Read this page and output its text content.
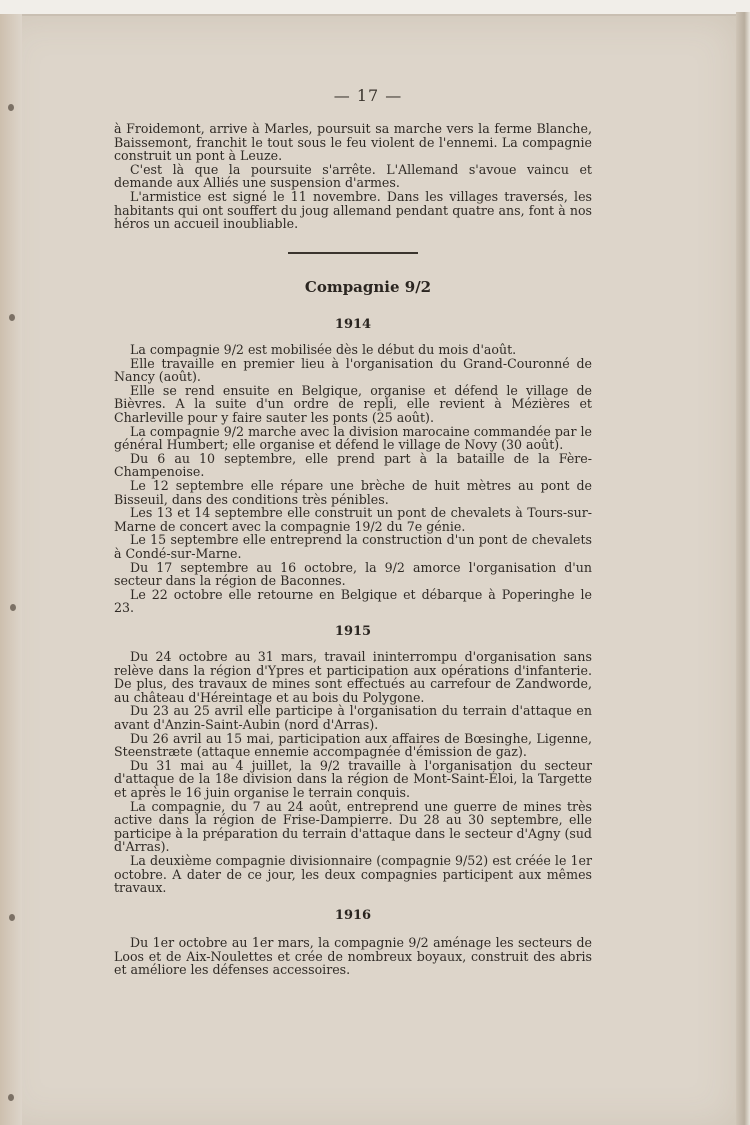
— 17 —

à Froidemont, arrive à Marles, poursuit sa marche vers la ferme Blanche, Baissemont, franchit le tout sous le feu violent de l'ennemi. La compagnie construit un pont à Leuze.

C'est là que la poursuite s'arrête. L'Allemand s'avoue vaincu et demande aux Alliés une suspension d'armes.

L'armistice est signé le 11 novembre. Dans les villages traversés, les habitants qui ont souffert du joug allemand pendant quatre ans, font à nos héros un accueil inoubliable.

Compagnie 9/2
1914

La compagnie 9/2 est mobilisée dès le début du mois d'août.

Elle travaille en premier lieu à l'organisation du Grand-Couronné de Nancy (août).

Elle se rend ensuite en Belgique, organise et défend le village de Bièvres. A la suite d'un ordre de repli, elle revient à Mézières et Charleville pour y faire sauter les ponts (25 août).

La compagnie 9/2 marche avec la division marocaine commandée par le général Humbert; elle organise et défend le village de Novy (30 août).

Du 6 au 10 septembre, elle prend part à la bataille de la Fère-Champenoise.

Le 12 septembre elle répare une brèche de huit mètres au pont de Bisseuil, dans des conditions très pénibles.

Les 13 et 14 septembre elle construit un pont de chevalets à Tours-sur-Marne de concert avec la compagnie 19/2 du 7e génie.

Le 15 septembre elle entreprend la construction d'un pont de chevalets à Condé-sur-Marne.

Du 17 septembre au 16 octobre, la 9/2 amorce l'organisation d'un secteur dans la région de Baconnes.

Le 22 octobre elle retourne en Belgique et débarque à Poperinghe le 23.

1915

Du 24 octobre au 31 mars, travail ininterrompu d'organisation sans relève dans la région d'Ypres et participation aux opérations d'infanterie. De plus, des travaux de mines sont effectués au carrefour de Zandworde, au château d'Héreintage et au bois du Polygone.

Du 23 au 25 avril elle participe à l'organisation du terrain d'attaque en avant d'Anzin-Saint-Aubin (nord d'Arras).

Du 26 avril au 15 mai, participation aux affaires de Bœsinghe, Ligenne, Steenstræte (attaque ennemie accompagnée d'émission de gaz).

Du 31 mai au 4 juillet, la 9/2 travaille à l'organisation du secteur d'attaque de la 18e division dans la région de Mont-Saint-Éloi, la Targette et après le 16 juin organise le terrain conquis.

La compagnie, du 7 au 24 août, entreprend une guerre de mines très active dans la région de Frise-Dampierre. Du 28 au 30 septembre, elle participe à la préparation du terrain d'attaque dans le secteur d'Agny (sud d'Arras).

La deuxième compagnie divisionnaire (compagnie 9/52) est créée le 1er octobre. A dater de ce jour, les deux compagnies participent aux mêmes travaux.

1916

Du 1er octobre au 1er mars, la compagnie 9/2 aménage les secteurs de Loos et de Aix-Noulettes et crée de nombreux boyaux, construit des abris et améliore les défenses accessoires.
